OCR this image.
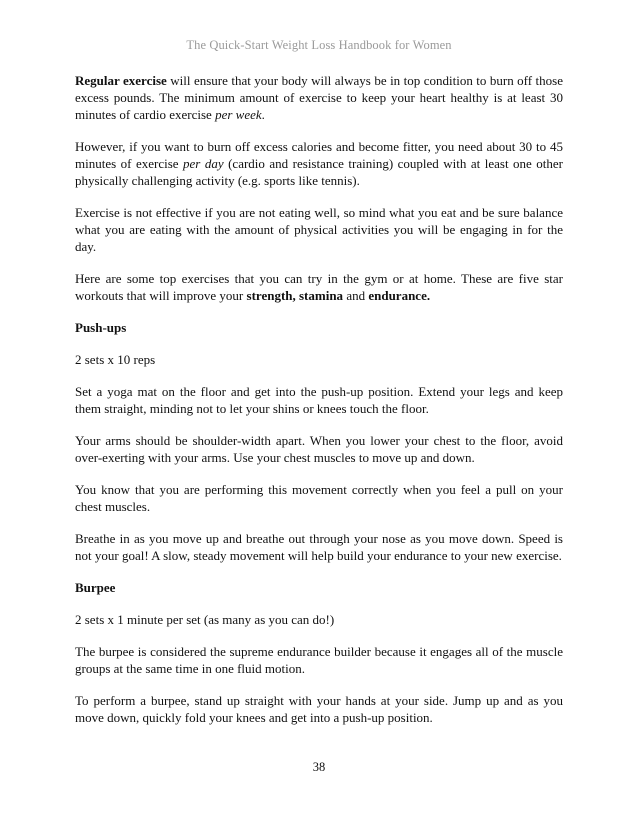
The Quick-Start Weight Loss Handbook for Women

Regular exercise will ensure that your body will always be in top condition to burn off those excess pounds. The minimum amount of exercise to keep your heart healthy is at least 30 minutes of cardio exercise per week.

However, if you want to burn off excess calories and become fitter, you need about 30 to 45 minutes of exercise per day (cardio and resistance training) coupled with at least one other physically challenging activity (e.g. sports like tennis).

Exercise is not effective if you are not eating well, so mind what you eat and be sure balance what you are eating with the amount of physical activities you will be engaging in for the day.

Here are some top exercises that you can try in the gym or at home. These are five star workouts that will improve your strength, stamina and endurance.

Push-ups

2 sets x 10 reps

Set a yoga mat on the floor and get into the push-up position. Extend your legs and keep them straight, minding not to let your shins or knees touch the floor.

Your arms should be shoulder-width apart. When you lower your chest to the floor, avoid over-exerting with your arms. Use your chest muscles to move up and down.

You know that you are performing this movement correctly when you feel a pull on your chest muscles.

Breathe in as you move up and breathe out through your nose as you move down. Speed is not your goal! A slow, steady movement will help build your endurance to your new exercise.

Burpee

2 sets x 1 minute per set (as many as you can do!)

The burpee is considered the supreme endurance builder because it engages all of the muscle groups at the same time in one fluid motion.

To perform a burpee, stand up straight with your hands at your side. Jump up and as you move down, quickly fold your knees and get into a push-up position.

38
